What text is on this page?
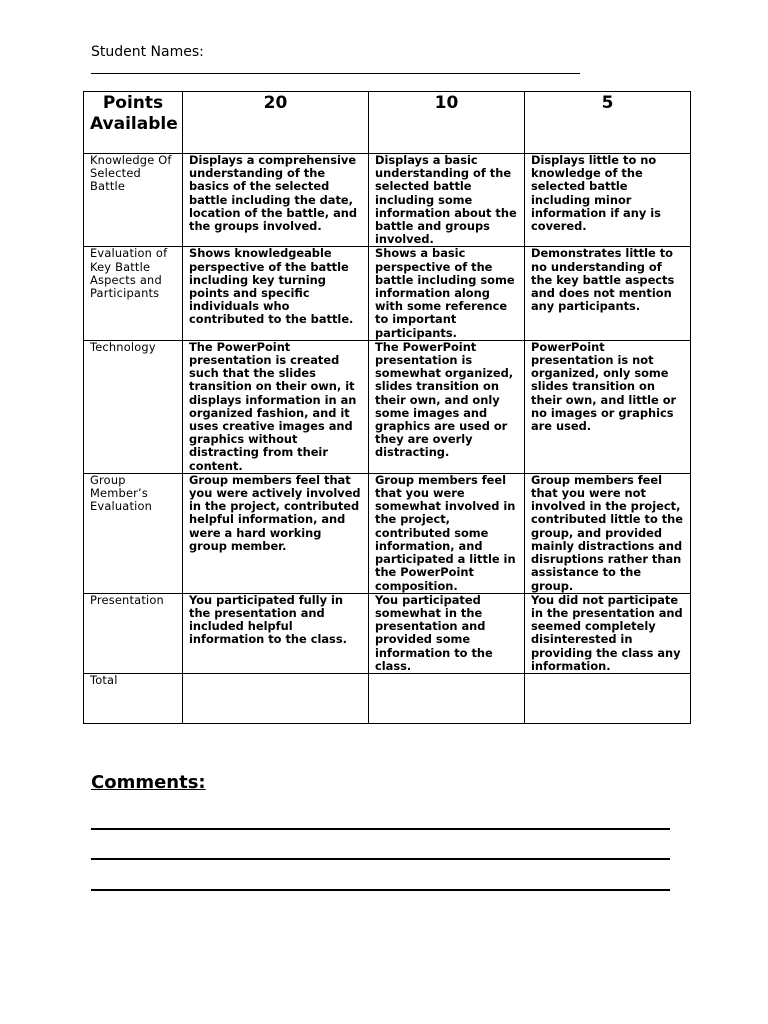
Student Names:

Points Available	20	10	5
Knowledge Of Selected Battle	Displays a comprehensive understanding of the basics of the selected battle including the date, location of the battle, and the groups involved.	Displays a basic understanding of the selected battle including some information about the battle and groups involved.	Displays little to no knowledge of the selected battle including minor information if any is covered.
Evaluation of Key Battle Aspects and Participants	Shows knowledgeable perspective of the battle including key turning points and specific individuals who contributed to the battle.	Shows a basic perspective of the battle including some information along with some reference to important participants.	Demonstrates little to no understanding of the key battle aspects and does not mention any participants.
Technology	The PowerPoint presentation is created such that the slides transition on their own, it displays information in an organized fashion, and it uses creative images and graphics without distracting from their content.	The PowerPoint presentation is somewhat organized, slides transition on their own, and only some images and graphics are used or they are overly distracting.	PowerPoint presentation is not organized, only some slides transition on their own, and little or no images or graphics are used.
Group Member’s Evaluation	Group members feel that you were actively involved in the project, contributed helpful information, and were a hard working group member.	Group members feel that you were somewhat involved in the project, contributed some information, and participated a little in the PowerPoint composition.	Group members feel that you were not involved in the project, contributed little to the group, and provided mainly distractions and disruptions rather than assistance to the group.
Presentation	You participated fully in the presentation and included helpful information to the class.	You participated somewhat in the presentation and provided some information to the class.	You did not participate in the presentation and seemed completely disinterested in providing the class any information.
Total			

Comments:
